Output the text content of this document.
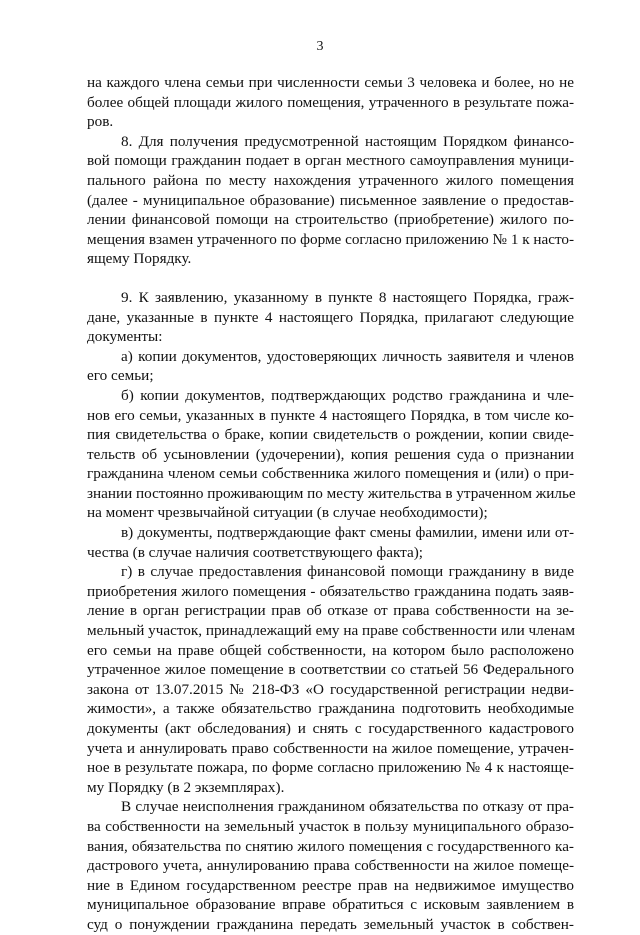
3
на каждого члена семьи при численности семьи 3 человека и более, но не
более общей площади жилого помещения, утраченного в результате пожа-
ров.
8. Для получения предусмотренной настоящим Порядком финансо-
вой помощи гражданин подает в орган местного самоуправления муници-
пального района по месту нахождения утраченного жилого помещения
(далее - муниципальное образование) письменное заявление о предостав-
лении финансовой помощи на строительство (приобретение) жилого по-
мещения взамен утраченного по форме согласно приложению № 1 к насто-
ящему Порядку.
9. К заявлению, указанному в пункте 8 настоящего Порядка, граж-
дане, указанные в пункте 4 настоящего Порядка, прилагают следующие
документы:
а) копии документов, удостоверяющих личность заявителя и членов
его семьи;
б) копии документов, подтверждающих родство гражданина и чле-
нов его семьи, указанных в пункте 4 настоящего Порядка, в том числе ко-
пия свидетельства о браке, копии свидетельств о рождении, копии свиде-
тельств об усыновлении (удочерении), копия решения суда о признании
гражданина членом семьи собственника жилого помещения и (или) о при-
знании постоянно проживающим по месту жительства в утраченном жилье
на момент чрезвычайной ситуации (в случае необходимости);
в) документы, подтверждающие факт смены фамилии, имени или от-
чества (в случае наличия соответствующего факта);
г) в случае предоставления финансовой помощи гражданину в виде
приобретения жилого помещения - обязательство гражданина подать заяв-
ление в орган регистрации прав об отказе от права собственности на зе-
мельный участок, принадлежащий ему на праве собственности или членам
его семьи на праве общей собственности, на котором было расположено
утраченное жилое помещение в соответствии со статьей 56 Федерального
закона от 13.07.2015 № 218-ФЗ «О государственной регистрации недви-
жимости», а также обязательство гражданина подготовить необходимые
документы (акт обследования) и снять с государственного кадастрового
учета и аннулировать право собственности на жилое помещение, утрачен-
ное в результате пожара, по форме согласно приложению № 4 к настояще-
му Порядку (в 2 экземплярах).
В случае неисполнения гражданином обязательства по отказу от пра-
ва собственности на земельный участок в пользу муниципального образо-
вания, обязательства по снятию жилого помещения с государственного ка-
дастрового учета, аннулированию права собственности на жилое помеще-
ние в Едином государственном реестре прав на недвижимое имущество
муниципальное образование вправе обратиться с исковым заявлением в
суд о понуждении гражданина передать земельный участок в собствен-
